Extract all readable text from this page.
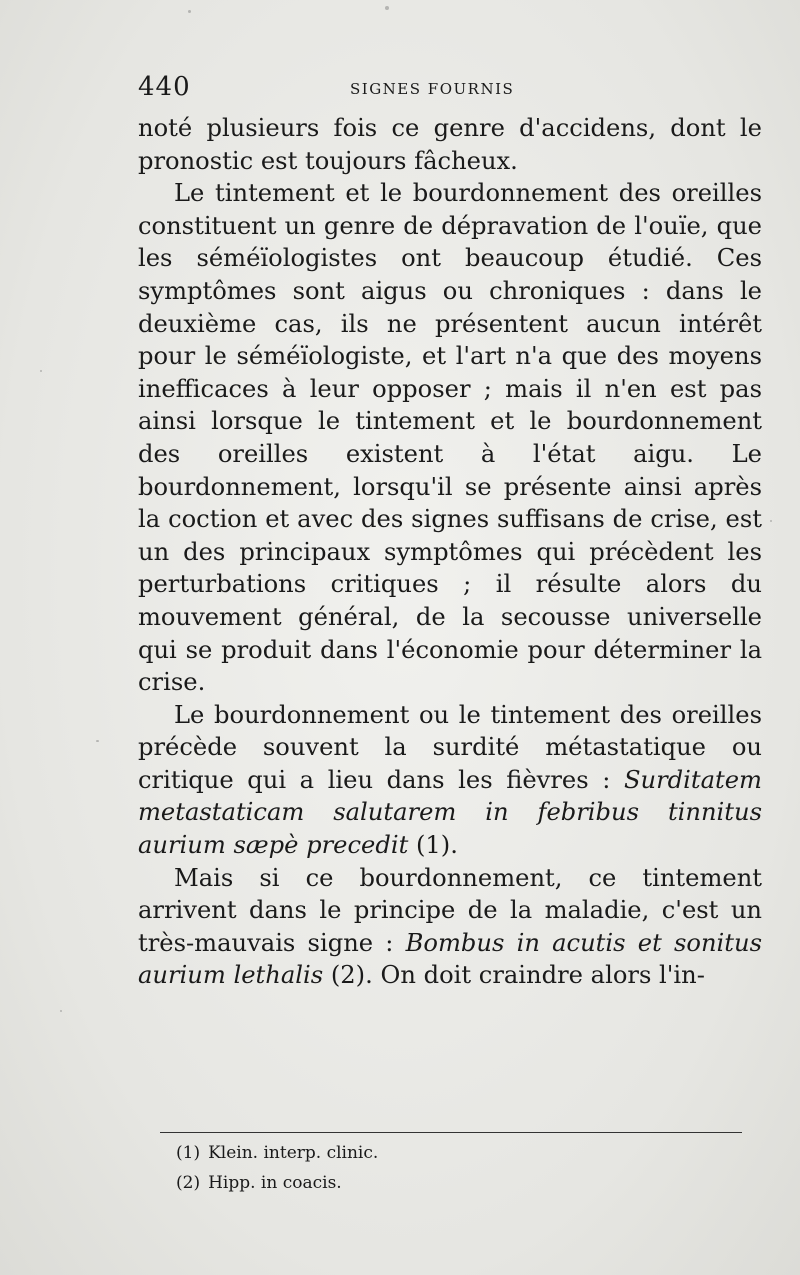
440	SIGNES FOURNIS

noté plusieurs fois ce genre d'accidens, dont le pronostic est toujours fâcheux.

Le tintement et le bourdonnement des oreilles constituent un genre de dépravation de l'ouïe, que les séméïologistes ont beaucoup étudié. Ces symptômes sont aigus ou chroniques : dans le deuxième cas, ils ne présentent aucun intérêt pour le séméïologiste, et l'art n'a que des moyens inefficaces à leur opposer ; mais il n'en est pas ainsi lorsque le tintement et le bourdonnement des oreilles existent à l'état aigu. Le bourdonnement, lorsqu'il se présente ainsi après la coction et avec des signes suffisans de crise, est un des principaux symptômes qui précèdent les perturbations critiques ; il résulte alors du mouvement général, de la secousse universelle qui se produit dans l'économie pour déterminer la crise.

Le bourdonnement ou le tintement des oreilles précède souvent la surdité métastatique ou critique qui a lieu dans les fièvres : Surditatem metastaticam salutarem in febribus tinnitus aurium sæpè precedit (1).

Mais si ce bourdonnement, ce tintement arrivent dans le principe de la maladie, c'est un très-mauvais signe : Bombus in acutis et sonitus aurium lethalis (2). On doit craindre alors l'in-

(1) Klein. interp. clinic.
(2) Hipp. in coacis.
